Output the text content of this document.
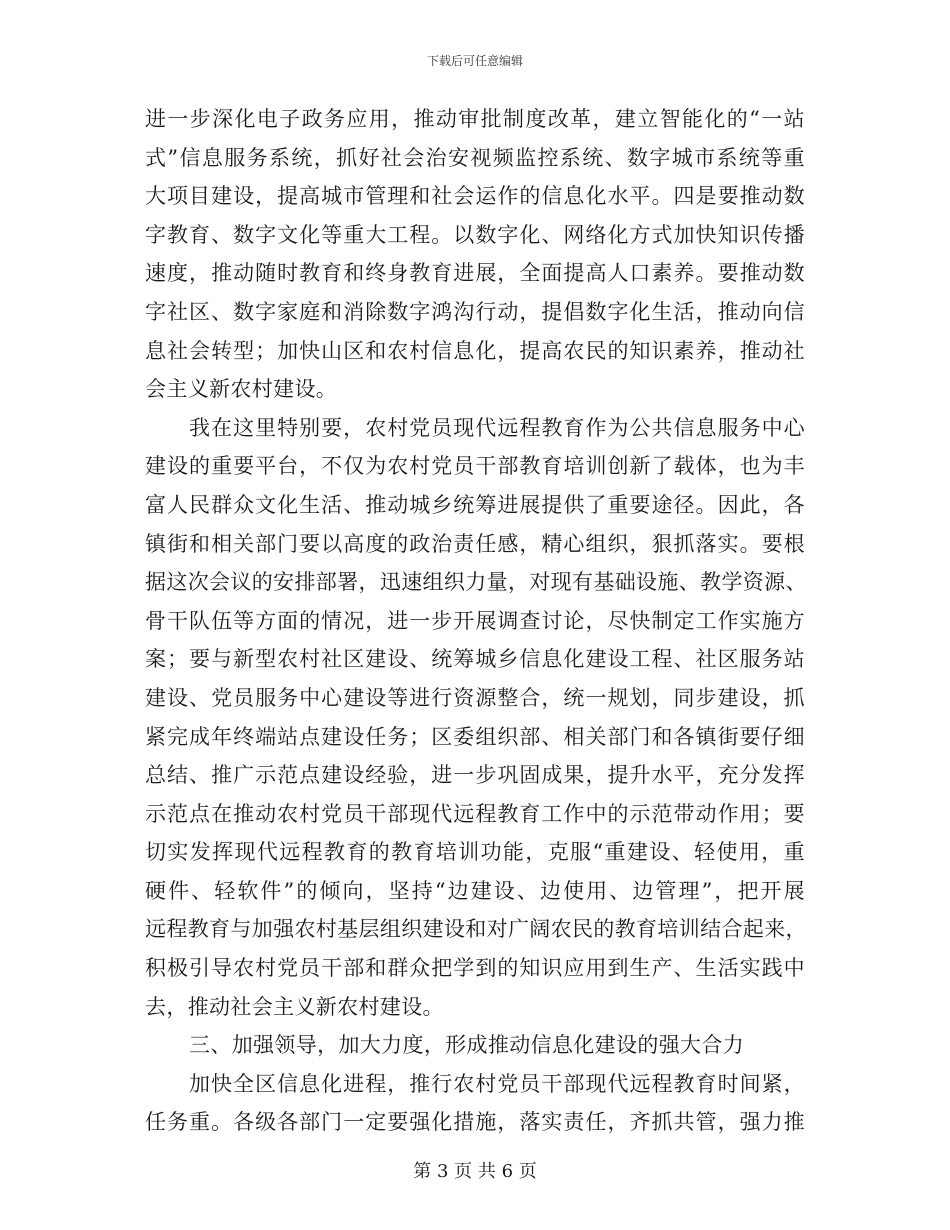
下载后可任意编辑
进一步深化电子政务应用，推动审批制度改革，建立智能化的“一站
式”信息服务系统，抓好社会治安视频监控系统、数字城市系统等重
大项目建设，提高城市管理和社会运作的信息化水平。四是要推动数
字教育、数字文化等重大工程。以数字化、网络化方式加快知识传播
速度，推动随时教育和终身教育进展，全面提高人口素养。要推动数
字社区、数字家庭和消除数字鸿沟行动，提倡数字化生活，推动向信
息社会转型；加快山区和农村信息化，提高农民的知识素养，推动社
会主义新农村建设。
我在这里特别要，农村党员现代远程教育作为公共信息服务中心
建设的重要平台，不仅为农村党员干部教育培训创新了载体，也为丰
富人民群众文化生活、推动城乡统筹进展提供了重要途径。因此，各
镇街和相关部门要以高度的政治责任感，精心组织，狠抓落实。要根
据这次会议的安排部署，迅速组织力量，对现有基础设施、教学资源、
骨干队伍等方面的情况，进一步开展调查讨论，尽快制定工作实施方
案；要与新型农村社区建设、统筹城乡信息化建设工程、社区服务站
建设、党员服务中心建设等进行资源整合，统一规划，同步建设，抓
紧完成年终端站点建设任务；区委组织部、相关部门和各镇街要仔细
总结、推广示范点建设经验，进一步巩固成果，提升水平，充分发挥
示范点在推动农村党员干部现代远程教育工作中的示范带动作用；要
切实发挥现代远程教育的教育培训功能，克服“重建设、轻使用，重
硬件、轻软件”的倾向，坚持“边建设、边使用、边管理”，把开展
远程教育与加强农村基层组织建设和对广阔农民的教育培训结合起来，
积极引导农村党员干部和群众把学到的知识应用到生产、生活实践中
去，推动社会主义新农村建设。
三、加强领导，加大力度，形成推动信息化建设的强大合力
加快全区信息化进程，推行农村党员干部现代远程教育时间紧，
任务重。各级各部门一定要强化措施，落实责任，齐抓共管，强力推
第 3 页 共 6 页
